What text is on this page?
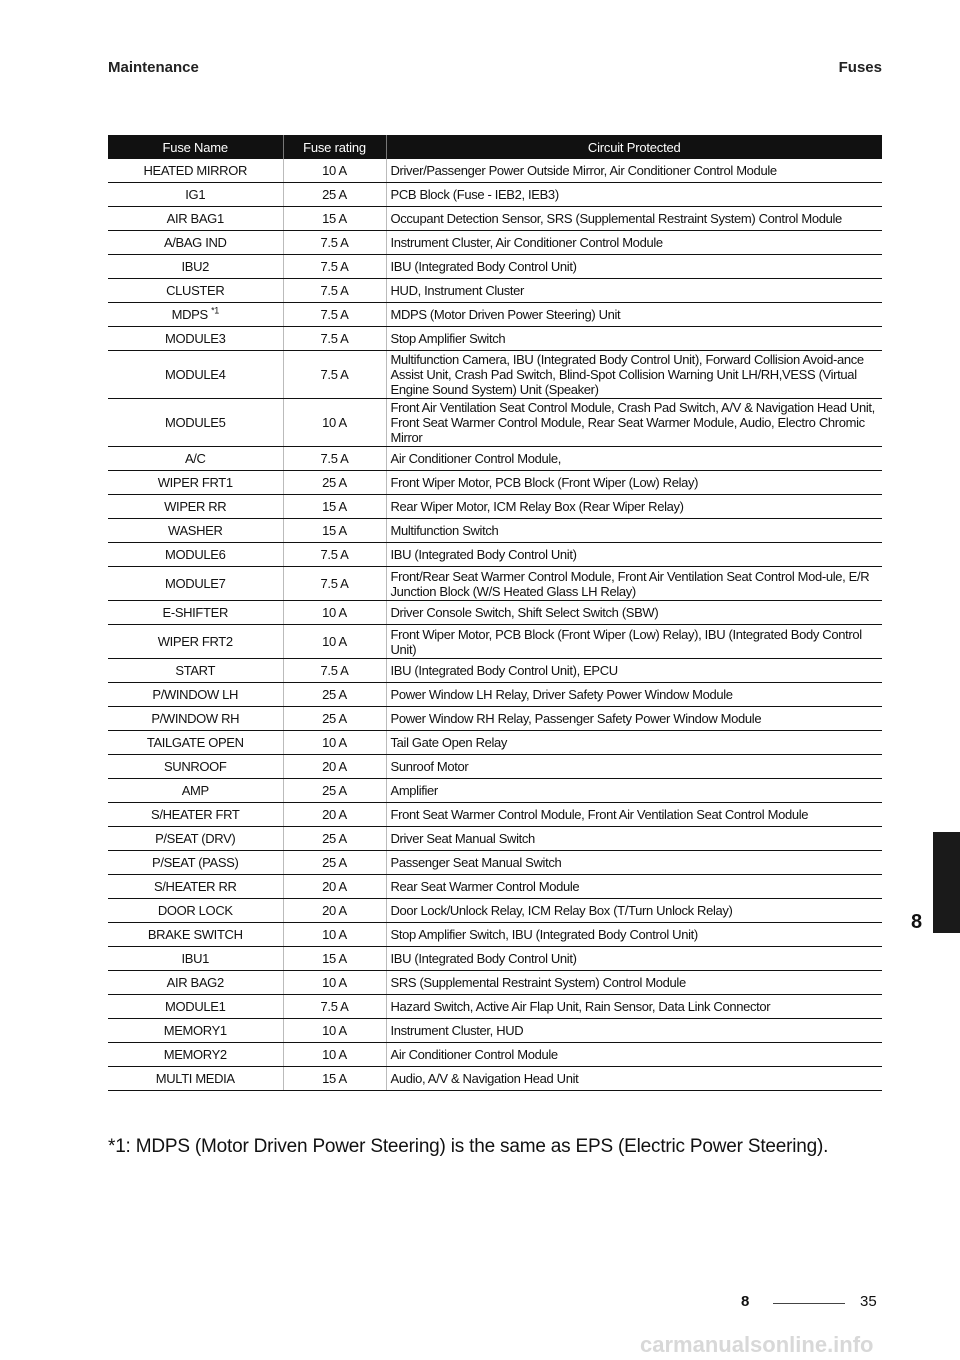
Maintenance	Fuses
Fuse Name	Fuse rating	Circuit Protected
HEATED MIRROR	10 A	Driver/Passenger Power Outside Mirror, Air Conditioner Control Module
IG1	25 A	PCB Block (Fuse - IEB2, IEB3)
AIR BAG1	15 A	Occupant Detection Sensor, SRS (Supplemental Restraint System) Control Module
A/BAG IND	7.5 A	Instrument Cluster, Air Conditioner Control Module
IBU2	7.5 A	IBU (Integrated Body Control Unit)
CLUSTER	7.5 A	HUD, Instrument Cluster
MDPS $^{*1}$	7.5 A	MDPS (Motor Driven Power Steering) Unit
MODULE3	7.5 A	Stop Amplifier Switch
MODULE4	7.5 A	Multifunction Camera, IBU (Integrated Body Control Unit), Forward Collision Avoid-ance Assist Unit, Crash Pad Switch, Blind-Spot Collision Warning Unit LH/RH,VESS (Virtual Engine Sound System) Unit (Speaker)
MODULE5	10 A	Front Air Ventilation Seat Control Module, Crash Pad Switch, A/V & Navigation Head Unit, Front Seat Warmer Control Module, Rear Seat Warmer Module, Audio, Electro Chromic Mirror
A/C	7.5 A	Air Conditioner Control Module,
WIPER FRT1	25 A	Front Wiper Motor, PCB Block (Front Wiper (Low) Relay)
WIPER RR	15 A	Rear Wiper Motor, ICM Relay Box (Rear Wiper Relay)
WASHER	15 A	Multifunction Switch
MODULE6	7.5 A	IBU (Integrated Body Control Unit)
MODULE7	7.5 A	Front/Rear Seat Warmer Control Module, Front Air Ventilation Seat Control Mod-ule, E/R Junction Block (W/S Heated Glass LH Relay)
E-SHIFTER	10 A	Driver Console Switch, Shift Select Switch (SBW)
WIPER FRT2	10 A	Front Wiper Motor, PCB Block (Front Wiper (Low) Relay), IBU (Integrated Body Control Unit)
START	7.5 A	IBU (Integrated Body Control Unit), EPCU
P/WINDOW LH	25 A	Power Window LH Relay, Driver Safety Power Window Module
P/WINDOW RH	25 A	Power Window RH Relay, Passenger Safety Power Window Module
TAILGATE OPEN	10 A	Tail Gate Open Relay
SUNROOF	20 A	Sunroof Motor
AMP	25 A	Amplifier
S/HEATER FRT	20 A	Front Seat Warmer Control Module, Front Air Ventilation Seat Control Module
P/SEAT (DRV)	25 A	Driver Seat Manual Switch
P/SEAT (PASS)	25 A	Passenger Seat Manual Switch
S/HEATER RR	20 A	Rear Seat Warmer Control Module
DOOR LOCK	20 A	Door Lock/Unlock Relay, ICM Relay Box (T/Turn Unlock Relay)
BRAKE SWITCH	10 A	Stop Amplifier Switch, IBU (Integrated Body Control Unit)
IBU1	15 A	IBU (Integrated Body Control Unit)
AIR BAG2	10 A	SRS (Supplemental Restraint System) Control Module
MODULE1	7.5 A	Hazard Switch, Active Air Flap Unit, Rain Sensor, Data Link Connector
MEMORY1	10 A	Instrument Cluster, HUD
MEMORY2	10 A	Air Conditioner Control Module
MULTI MEDIA	15 A	Audio, A/V & Navigation Head Unit
*1: MDPS (Motor Driven Power Steering) is the same as EPS (Electric Power Steering).
8
8	35
carmanualsonline.info
